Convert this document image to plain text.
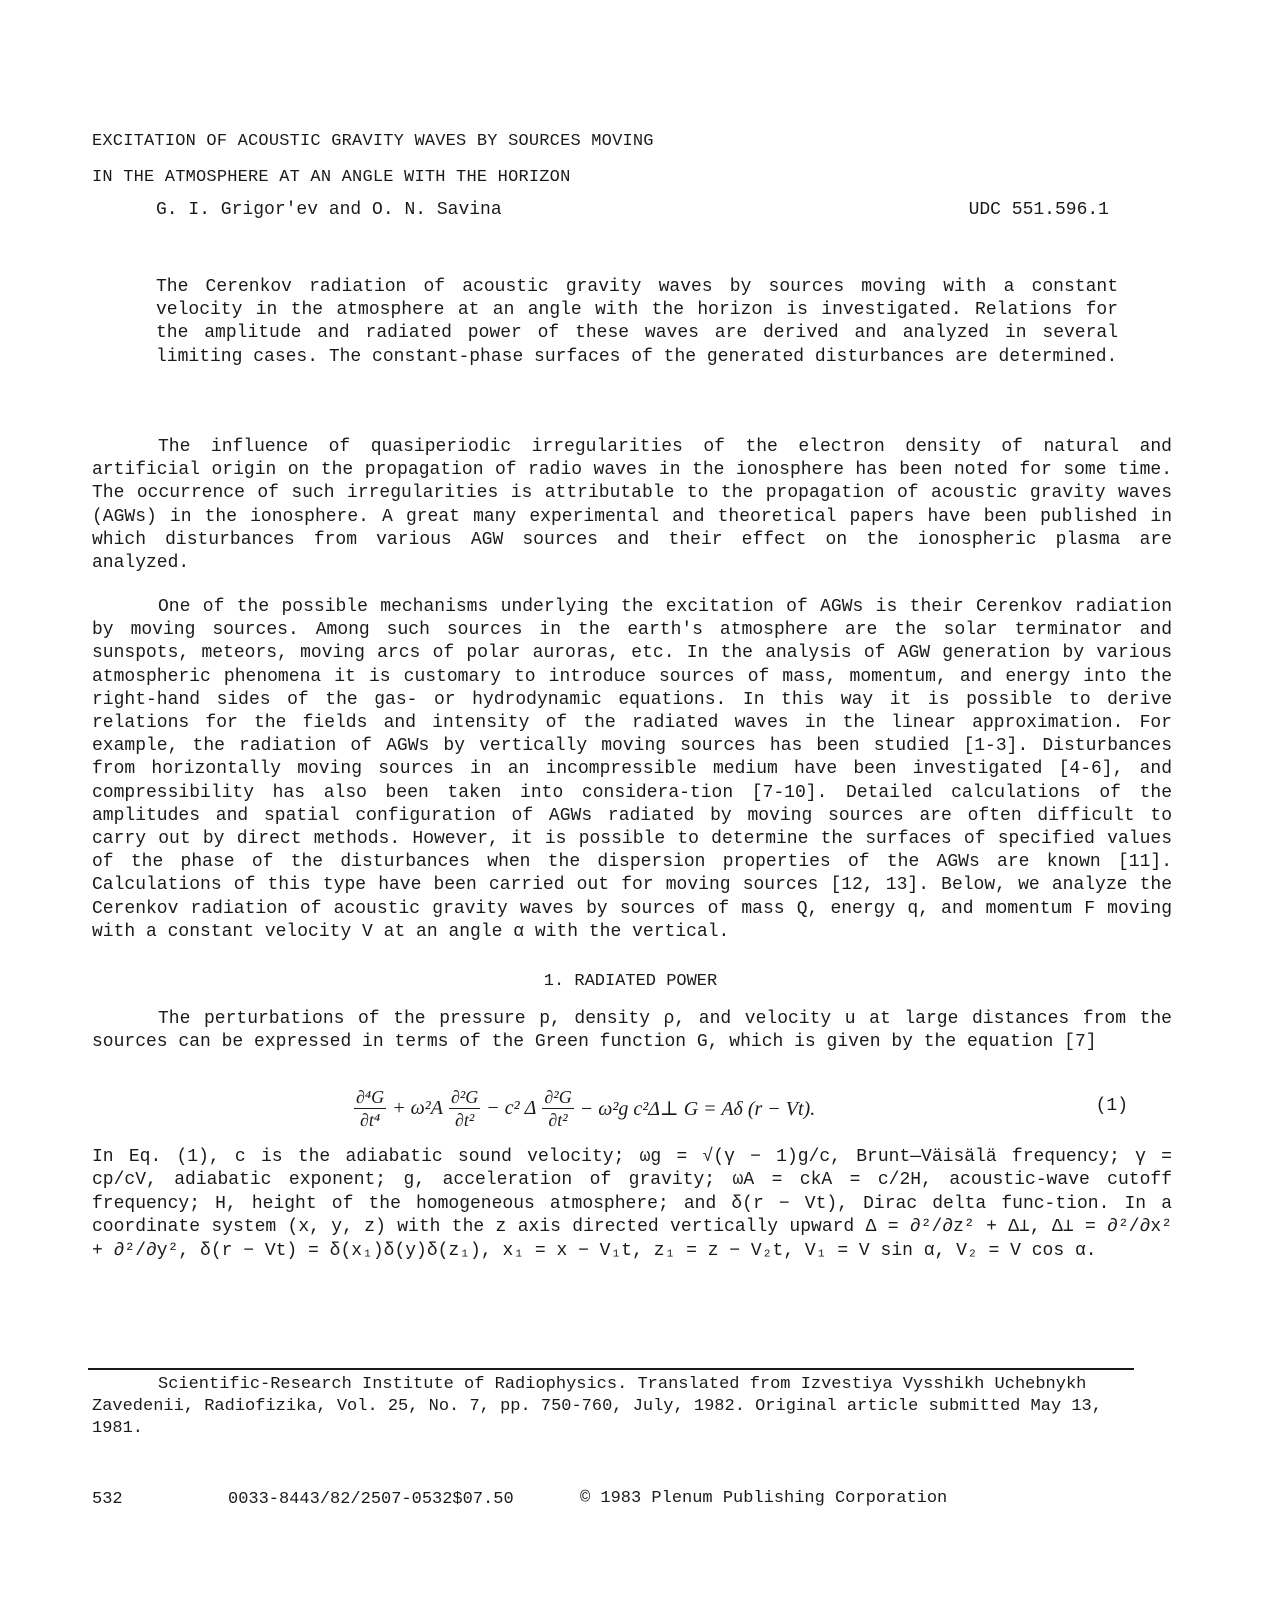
EXCITATION OF ACOUSTIC GRAVITY WAVES BY SOURCES MOVING
IN THE ATMOSPHERE AT AN ANGLE WITH THE HORIZON
G. I. Grigor'ev and O. N. Savina	UDC 551.596.1
The Cerenkov radiation of acoustic gravity waves by sources moving with a constant velocity in the atmosphere at an angle with the horizon is investigated. Relations for the amplitude and radiated power of these waves are derived and analyzed in several limiting cases. The constant-phase surfaces of the generated disturbances are determined.
The influence of quasiperiodic irregularities of the electron density of natural and artificial origin on the propagation of radio waves in the ionosphere has been noted for some time. The occurrence of such irregularities is attributable to the propagation of acoustic gravity waves (AGWs) in the ionosphere. A great many experimental and theoretical papers have been published in which disturbances from various AGW sources and their effect on the ionospheric plasma are analyzed.
One of the possible mechanisms underlying the excitation of AGWs is their Cerenkov radiation by moving sources. Among such sources in the earth's atmosphere are the solar terminator and sunspots, meteors, moving arcs of polar auroras, etc. In the analysis of AGW generation by various atmospheric phenomena it is customary to introduce sources of mass, momentum, and energy into the right-hand sides of the gas- or hydrodynamic equations. In this way it is possible to derive relations for the fields and intensity of the radiated waves in the linear approximation. For example, the radiation of AGWs by vertically moving sources has been studied [1-3]. Disturbances from horizontally moving sources in an incompressible medium have been investigated [4-6], and compressibility has also been taken into considera-tion [7-10]. Detailed calculations of the amplitudes and spatial configuration of AGWs radiated by moving sources are often difficult to carry out by direct methods. However, it is possible to determine the surfaces of specified values of the phase of the disturbances when the dispersion properties of the AGWs are known [11]. Calculations of this type have been carried out for moving sources [12, 13]. Below, we analyze the Cerenkov radiation of acoustic gravity waves by sources of mass Q, energy q, and momentum F moving with a constant velocity V at an angle α with the vertical.
1. RADIATED POWER
The perturbations of the pressure p, density ρ, and velocity u at large distances from the sources can be expressed in terms of the Green function G, which is given by the equation [7]
$\frac{\text{∂⁴G}}{\text{∂t⁴}} + \omega^2A \frac{\text{∂²G}}{\text{∂t²}} - c^2$ Δ $\frac{\text{∂²G}}{\text{∂t²}} - \omega^2g$ c²Δ⊥ G = Aδ (r − Vt).	(1)
In Eq. (1), c is the adiabatic sound velocity; ωg = √(γ − 1)g/c, Brunt—Väisälä frequency; γ = cp/cV, adiabatic exponent; g, acceleration of gravity; ωA = ckA = c/2H, acoustic-wave cutoff frequency; H, height of the homogeneous atmosphere; and δ(r − Vt), Dirac delta func-tion. In a coordinate system (x, y, z) with the z axis directed vertically upward Δ = ∂²/∂z² + Δ⊥, Δ⊥ = ∂²/∂x² + ∂²/∂y², δ(r − Vt) = δ(x₁)δ(y)δ(z₁), x₁ = x − V₁t, z₁ = z − V₂t, V₁ = V sin α, V₂ = V cos α.
Scientific-Research Institute of Radiophysics. Translated from Izvestiya Vysshikh Uchebnykh Zavedenii, Radiofizika, Vol. 25, No. 7, pp. 750-760, July, 1982. Original article submitted May 13, 1981.
532	0033-8443/82/2507-0532$07.50	© 1983 Plenum Publishing Corporation
